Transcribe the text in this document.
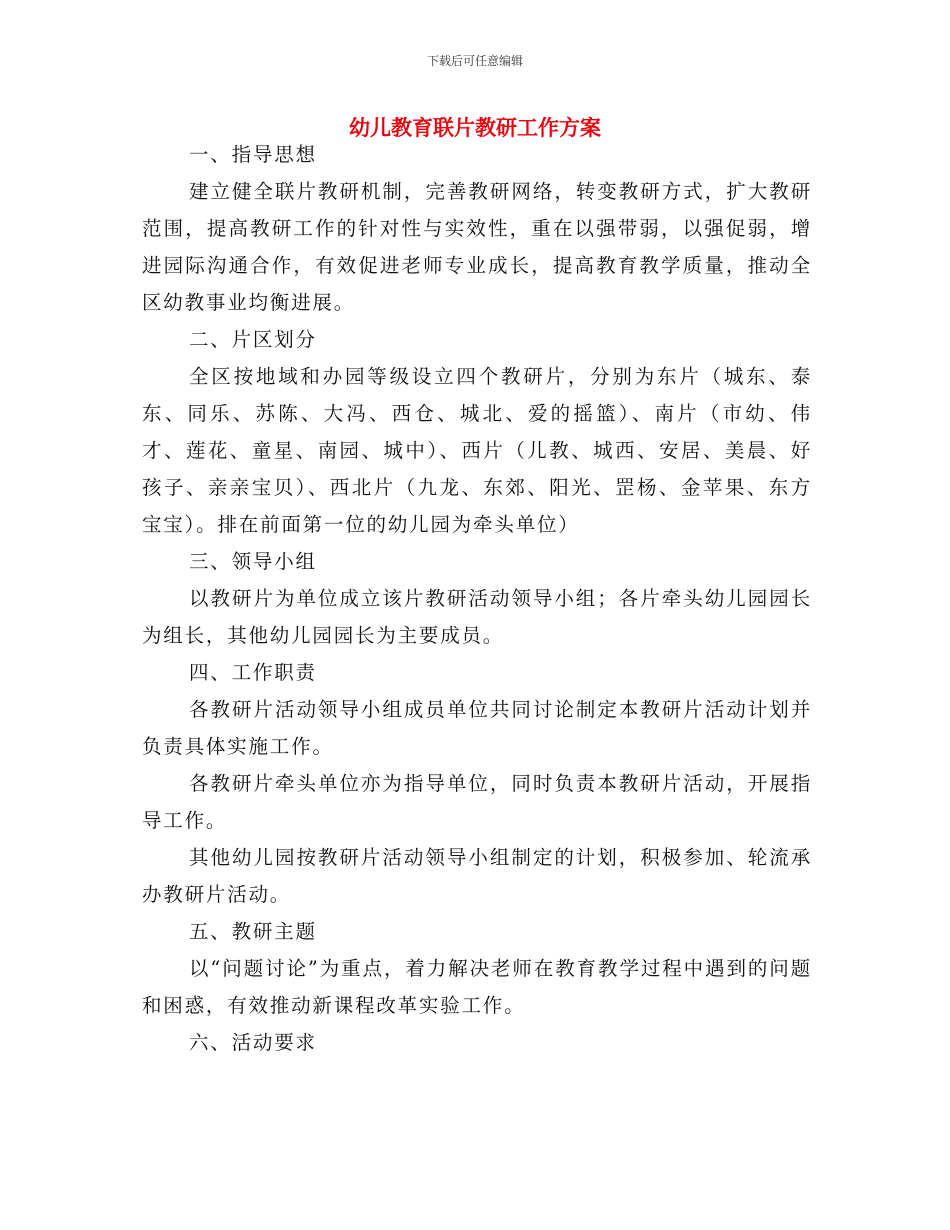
下载后可任意编辑
幼儿教育联片教研工作方案

一、指导思想

建立健全联片教研机制，完善教研网络，转变教研方式，扩大教研范围，提高教研工作的针对性与实效性，重在以强带弱，以强促弱，增进园际沟通合作，有效促进老师专业成长，提高教育教学质量，推动全区幼教事业均衡进展。

二、片区划分

全区按地域和办园等级设立四个教研片，分别为东片（城东、泰东、同乐、苏陈、大冯、西仓、城北、爱的摇篮）、南片（市幼、伟才、莲花、童星、南园、城中）、西片（儿教、城西、安居、美晨、好孩子、亲亲宝贝）、西北片（九龙、东郊、阳光、罡杨、金苹果、东方宝宝）。排在前面第一位的幼儿园为牵头单位）

三、领导小组

以教研片为单位成立该片教研活动领导小组；各片牵头幼儿园园长为组长，其他幼儿园园长为主要成员。

四、工作职责

各教研片活动领导小组成员单位共同讨论制定本教研片活动计划并负责具体实施工作。

各教研片牵头单位亦为指导单位，同时负责本教研片活动，开展指导工作。

其他幼儿园按教研片活动领导小组制定的计划，积极参加、轮流承办教研片活动。

五、教研主题

以“问题讨论”为重点，着力解决老师在教育教学过程中遇到的问题和困惑，有效推动新课程改革实验工作。

六、活动要求
